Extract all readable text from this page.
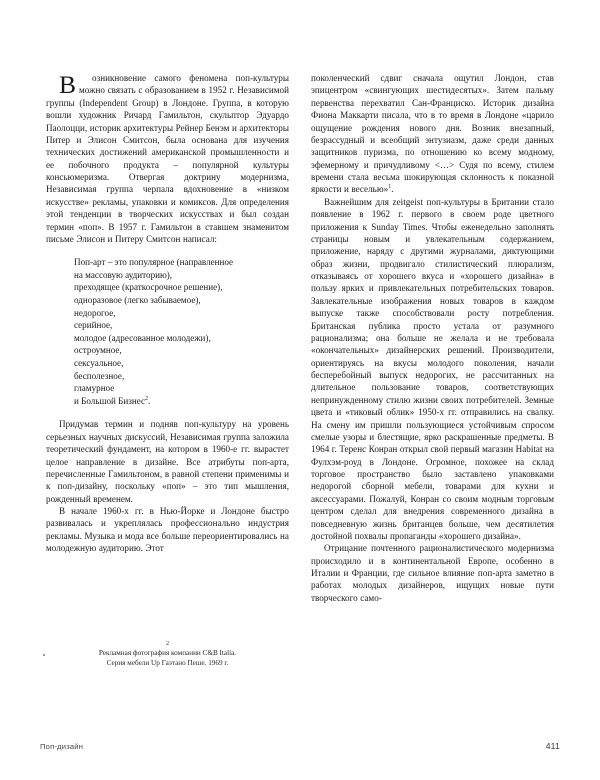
В озникновение самого феномена поп-культуры можно связать с образованием в 1952 г. Независимой группы (Independent Group) в Лондоне. Группа, в которую вошли художник Ричард Гамильтон, скульптор Эдуардо Паолоцци, историк архитектуры Рейнер Бенэм и архитекторы Питер и Элисон Смитсон, была основана для изучения технических достижений американской промышленности и ее побочного продукта – популярной культуры консьюмеризма. Отвергая доктрину модернизма, Независимая группа черпала вдохновение в «низком искусстве» рекламы, упаковки и комиксов. Для определения этой тенденции в творческих искусствах и был создан термин «поп». В 1957 г. Гамильтон в ставшем знаменитом письме Элисон и Питеру Смитсон написал:

Поп-арт – это популярное (направленное

на массовую аудиторию),

преходящее (краткосрочное решение),

одноразовое (легко забываемое),

недорогое,

серийное,

молодое (адресованное молодежи),

остроумное,

сексуальное,

бесполезное,

гламурное

и Большой Бизнес$^2$.

Придумав термин и подняв поп-культуру на уровень серьезных научных дискуссий, Независимая группа заложила теоретический фундамент, на котором в 1960-е гг. вырастет целое направление в дизайне. Все атрибуты поп-арта, перечисленные Гамильтоном, в равной степени применимы и к поп-дизайну, поскольку «поп» – это тип мышления, рожденный временем.

В начале 1960-х гг. в Нью-Йорке и Лондоне быстро развивалась и укреплялась профессионально индустрия рекламы. Музыка и мода все больше переориентировались на молодежную аудиторию. Этот

поколенческий сдвиг сначала ощутил Лондон, став эпицентром «свингующих шестидесятых». Затем пальму первенства перехватил Сан-Франциско. Историк дизайна Фиона Маккарти писала, что в то время в Лондоне «царило ощущение рождения нового дня. Возник внезапный, безрассудный и всеобщий энтузиазм, даже среди данных защитников пуризма, по отношению ко всему модному, эфемерному и причудливому <…> Судя по всему, стилем времени стала весьма шокирующая склонность к показной яркости и веселью»$^1$.

Важнейшим для zeitgeist поп-культуры в Британии стало появление в 1962 г. первого в своем роде цветного приложения к Sunday Times. Чтобы еженедельно заполнять страницы новым и увлекательным содержанием, приложение, наряду с другими журналами, диктующими образ жизни, продвигало стилистический плюрализм, отказываясь от хорошего вкуса и «хорошего дизайна» в пользу ярких и привлекательных потребительских товаров. Завлекательные изображения новых товаров в каждом выпуске также способствовали росту потребления. Британская публика просто устала от разумного рационализма; она больше не желала и не требовала «окончательных» дизайнерских решений. Производители, ориентируясь на вкусы молодого поколения, начали бесперебойный выпуск недорогих, не рассчитанных на длительное пользование товаров, соответствующих непринужденному стилю жизни своих потребителей. Земные цвета и «тиковый облик» 1950-х гг. отправились на свалку. На смену им пришли пользующиеся устойчивым спросом смелые узоры и блестящие, ярко раскрашенные предметы. В 1964 г. Теренс Конран открыл свой первый магазин Habitat на Фулхэм-роуд в Лондоне. Огромное, похожее на склад торговое пространство было заставлено упаковками недорогой сборной мебели, товарами для кухни и аксессуарами. Пожалуй, Конран со своим модным торговым центром сделал для внедрения современного дизайна в повседневную жизнь британцев больше, чем десятилетия достойной похвалы пропаганды «хорошего дизайна».

Отрицание почтенного рационалистического модернизма происходило и в континентальной Европе, особенно в Италии и Франции, где сильное влияние поп-арта заметно в работах молодых дизайнеров, ищущих новые пути творческого само-

2
Рекламная фотография компании C&B Italia.
Серия мебели Up Гаэтано Пеше. 1969 г.
Поп-дизайн	411
